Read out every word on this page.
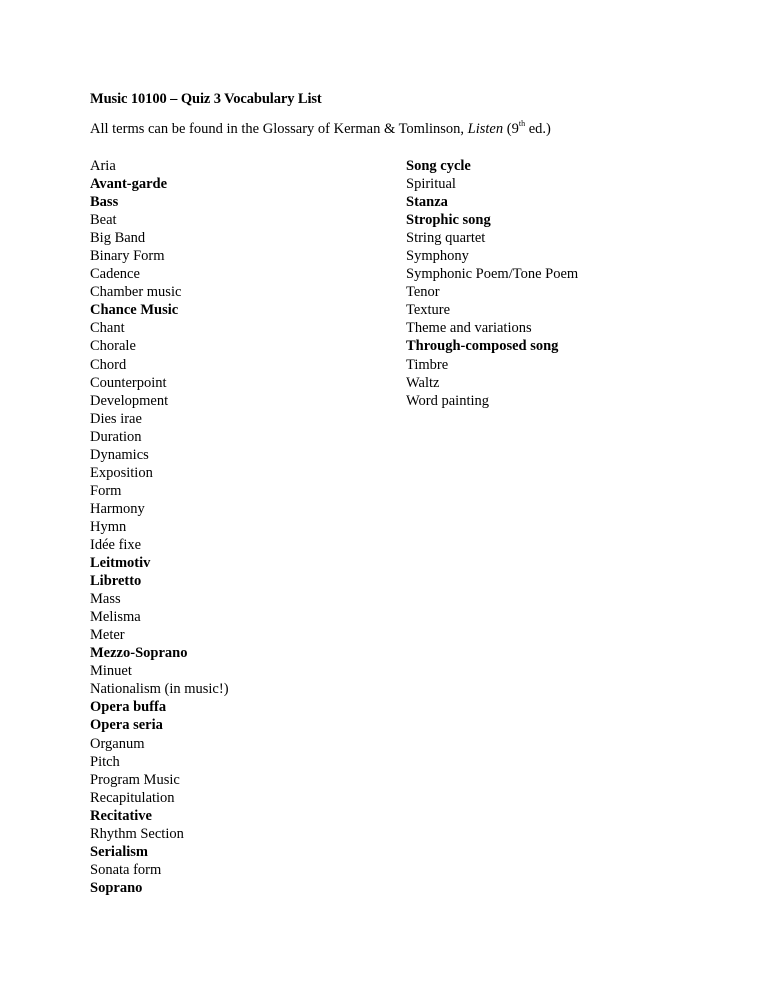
Music 10100 – Quiz 3 Vocabulary List
All terms can be found in the Glossary of Kerman & Tomlinson, Listen (9th ed.)
Aria
Avant-garde
Bass
Beat
Big Band
Binary Form
Cadence
Chamber music
Chance Music
Chant
Chorale
Chord
Counterpoint
Development
Dies irae
Duration
Dynamics
Exposition
Form
Harmony
Hymn
Idée fixe
Leitmotiv
Libretto
Mass
Melisma
Meter
Mezzo-Soprano
Minuet
Nationalism (in music!)
Opera buffa
Opera seria
Organum
Pitch
Program Music
Recapitulation
Recitative
Rhythm Section
Serialism
Sonata form
Soprano
Song cycle
Spiritual
Stanza
Strophic song
String quartet
Symphony
Symphonic Poem/Tone Poem
Tenor
Texture
Theme and variations
Through-composed song
Timbre
Waltz
Word painting
